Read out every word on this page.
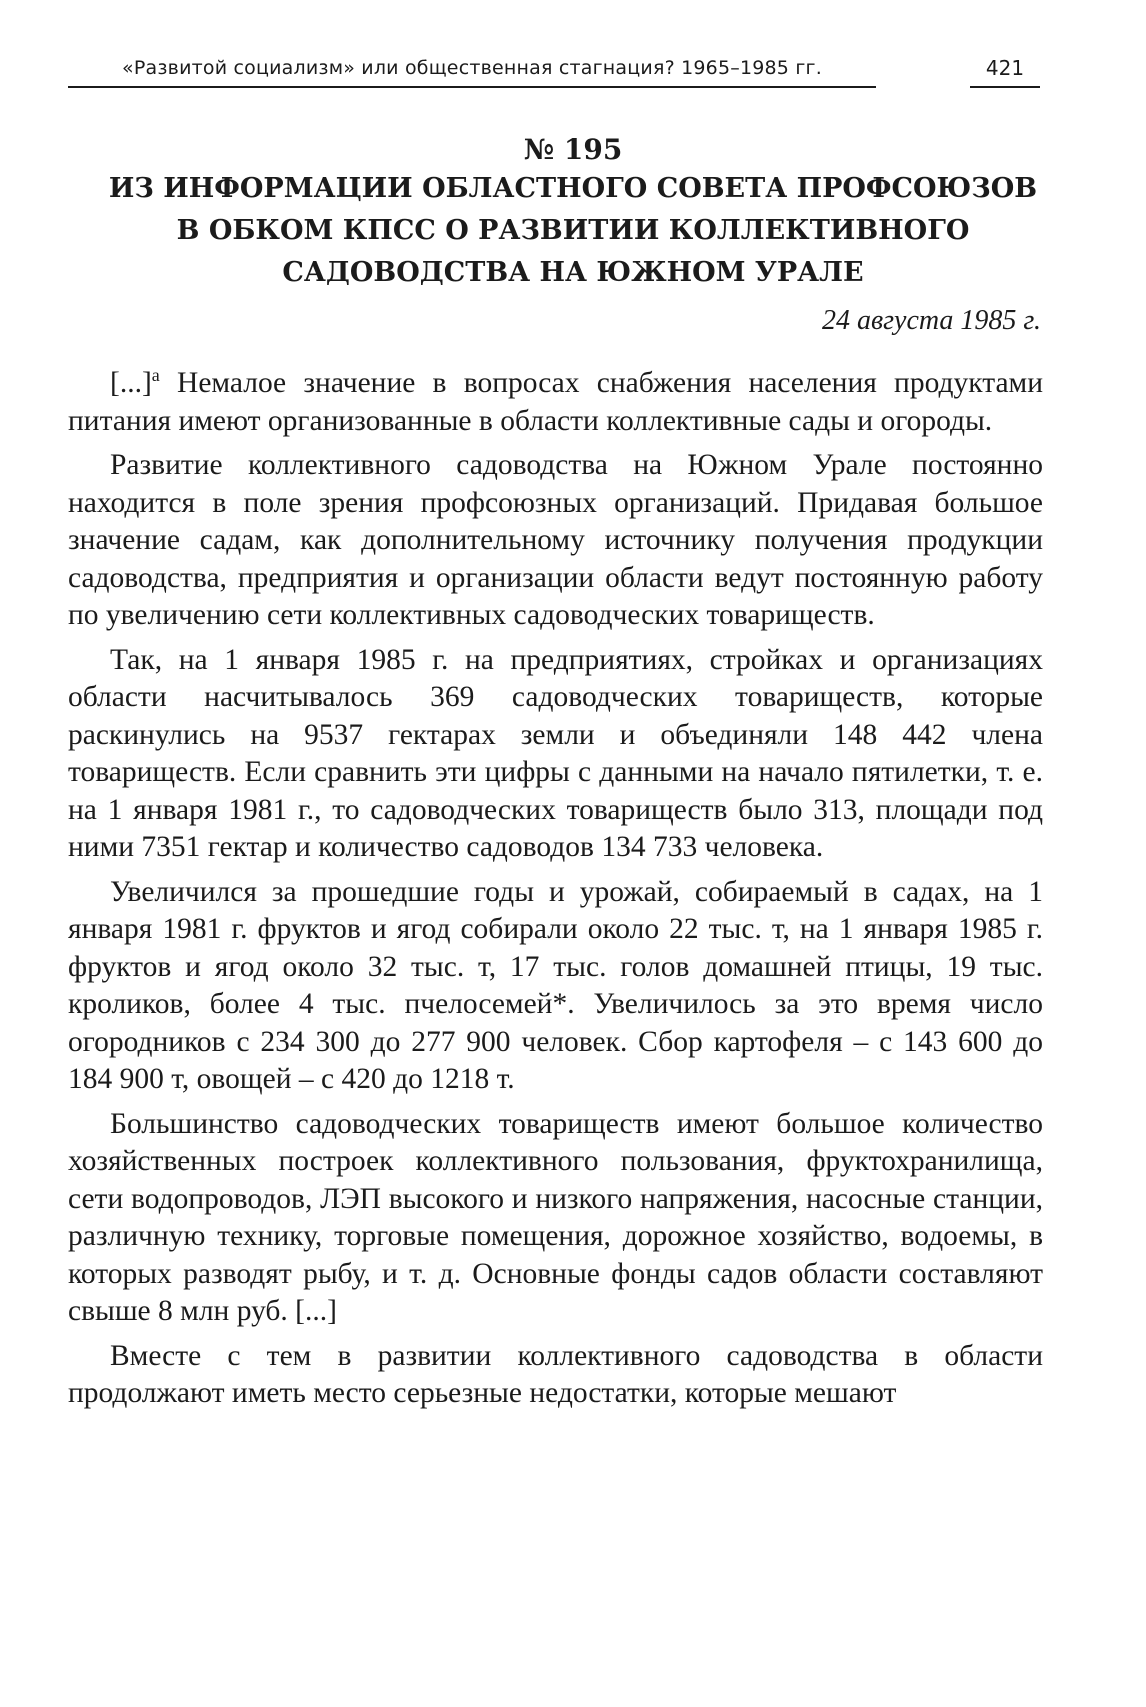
«Развитой социализм» или общественная стагнация? 1965–1985 гг.	421
№ 195
ИЗ ИНФОРМАЦИИ ОБЛАСТНОГО СОВЕТА ПРОФСОЮЗОВ
В ОБКОМ КПСС О РАЗВИТИИ КОЛЛЕКТИВНОГО
САДОВОДСТВА НА ЮЖНОМ УРАЛЕ
24 августа 1985 г.

[...]$^а$ Немалое значение в вопросах снабжения населения продуктами питания имеют организованные в области коллективные сады и огороды.

Развитие коллективного садоводства на Южном Урале постоянно находится в поле зрения профсоюзных организаций. Придавая большое значение садам, как дополнительному источнику получения продукции садоводства, предприятия и организации области ведут постоянную работу по увеличению сети коллективных садоводческих товариществ.

Так, на 1 января 1985 г. на предприятиях, стройках и организациях области насчитывалось 369 садоводческих товариществ, которые раскинулись на 9537 гектарах земли и объединяли 148 442 члена товариществ. Если сравнить эти цифры с данными на начало пятилетки, т. е. на 1 января 1981 г., то садоводческих товариществ было 313, площади под ними 7351 гектар и количество садоводов 134 733 человека.

Увеличился за прошедшие годы и урожай, собираемый в садах, на 1 января 1981 г. фруктов и ягод собирали около 22 тыс. т, на 1 января 1985 г. фруктов и ягод около 32 тыс. т, 17 тыс. голов домашней птицы, 19 тыс. кроликов, более 4 тыс. пчелосемей*. Увеличилось за это время число огородников с 234 300 до 277 900 человек. Сбор картофеля – с 143 600 до 184 900 т, овощей – с 420 до 1218 т.

Большинство садоводческих товариществ имеют большое количество хозяйственных построек коллективного пользования, фруктохранилища, сети водопроводов, ЛЭП высокого и низкого напряжения, насосные станции, различную технику, торговые помещения, дорожное хозяйство, водоемы, в которых разводят рыбу, и т. д. Основные фонды садов области составляют свыше 8 млн руб. [...]

Вместе с тем в развитии коллективного садоводства в области продолжают иметь место серьезные недостатки, которые мешают
